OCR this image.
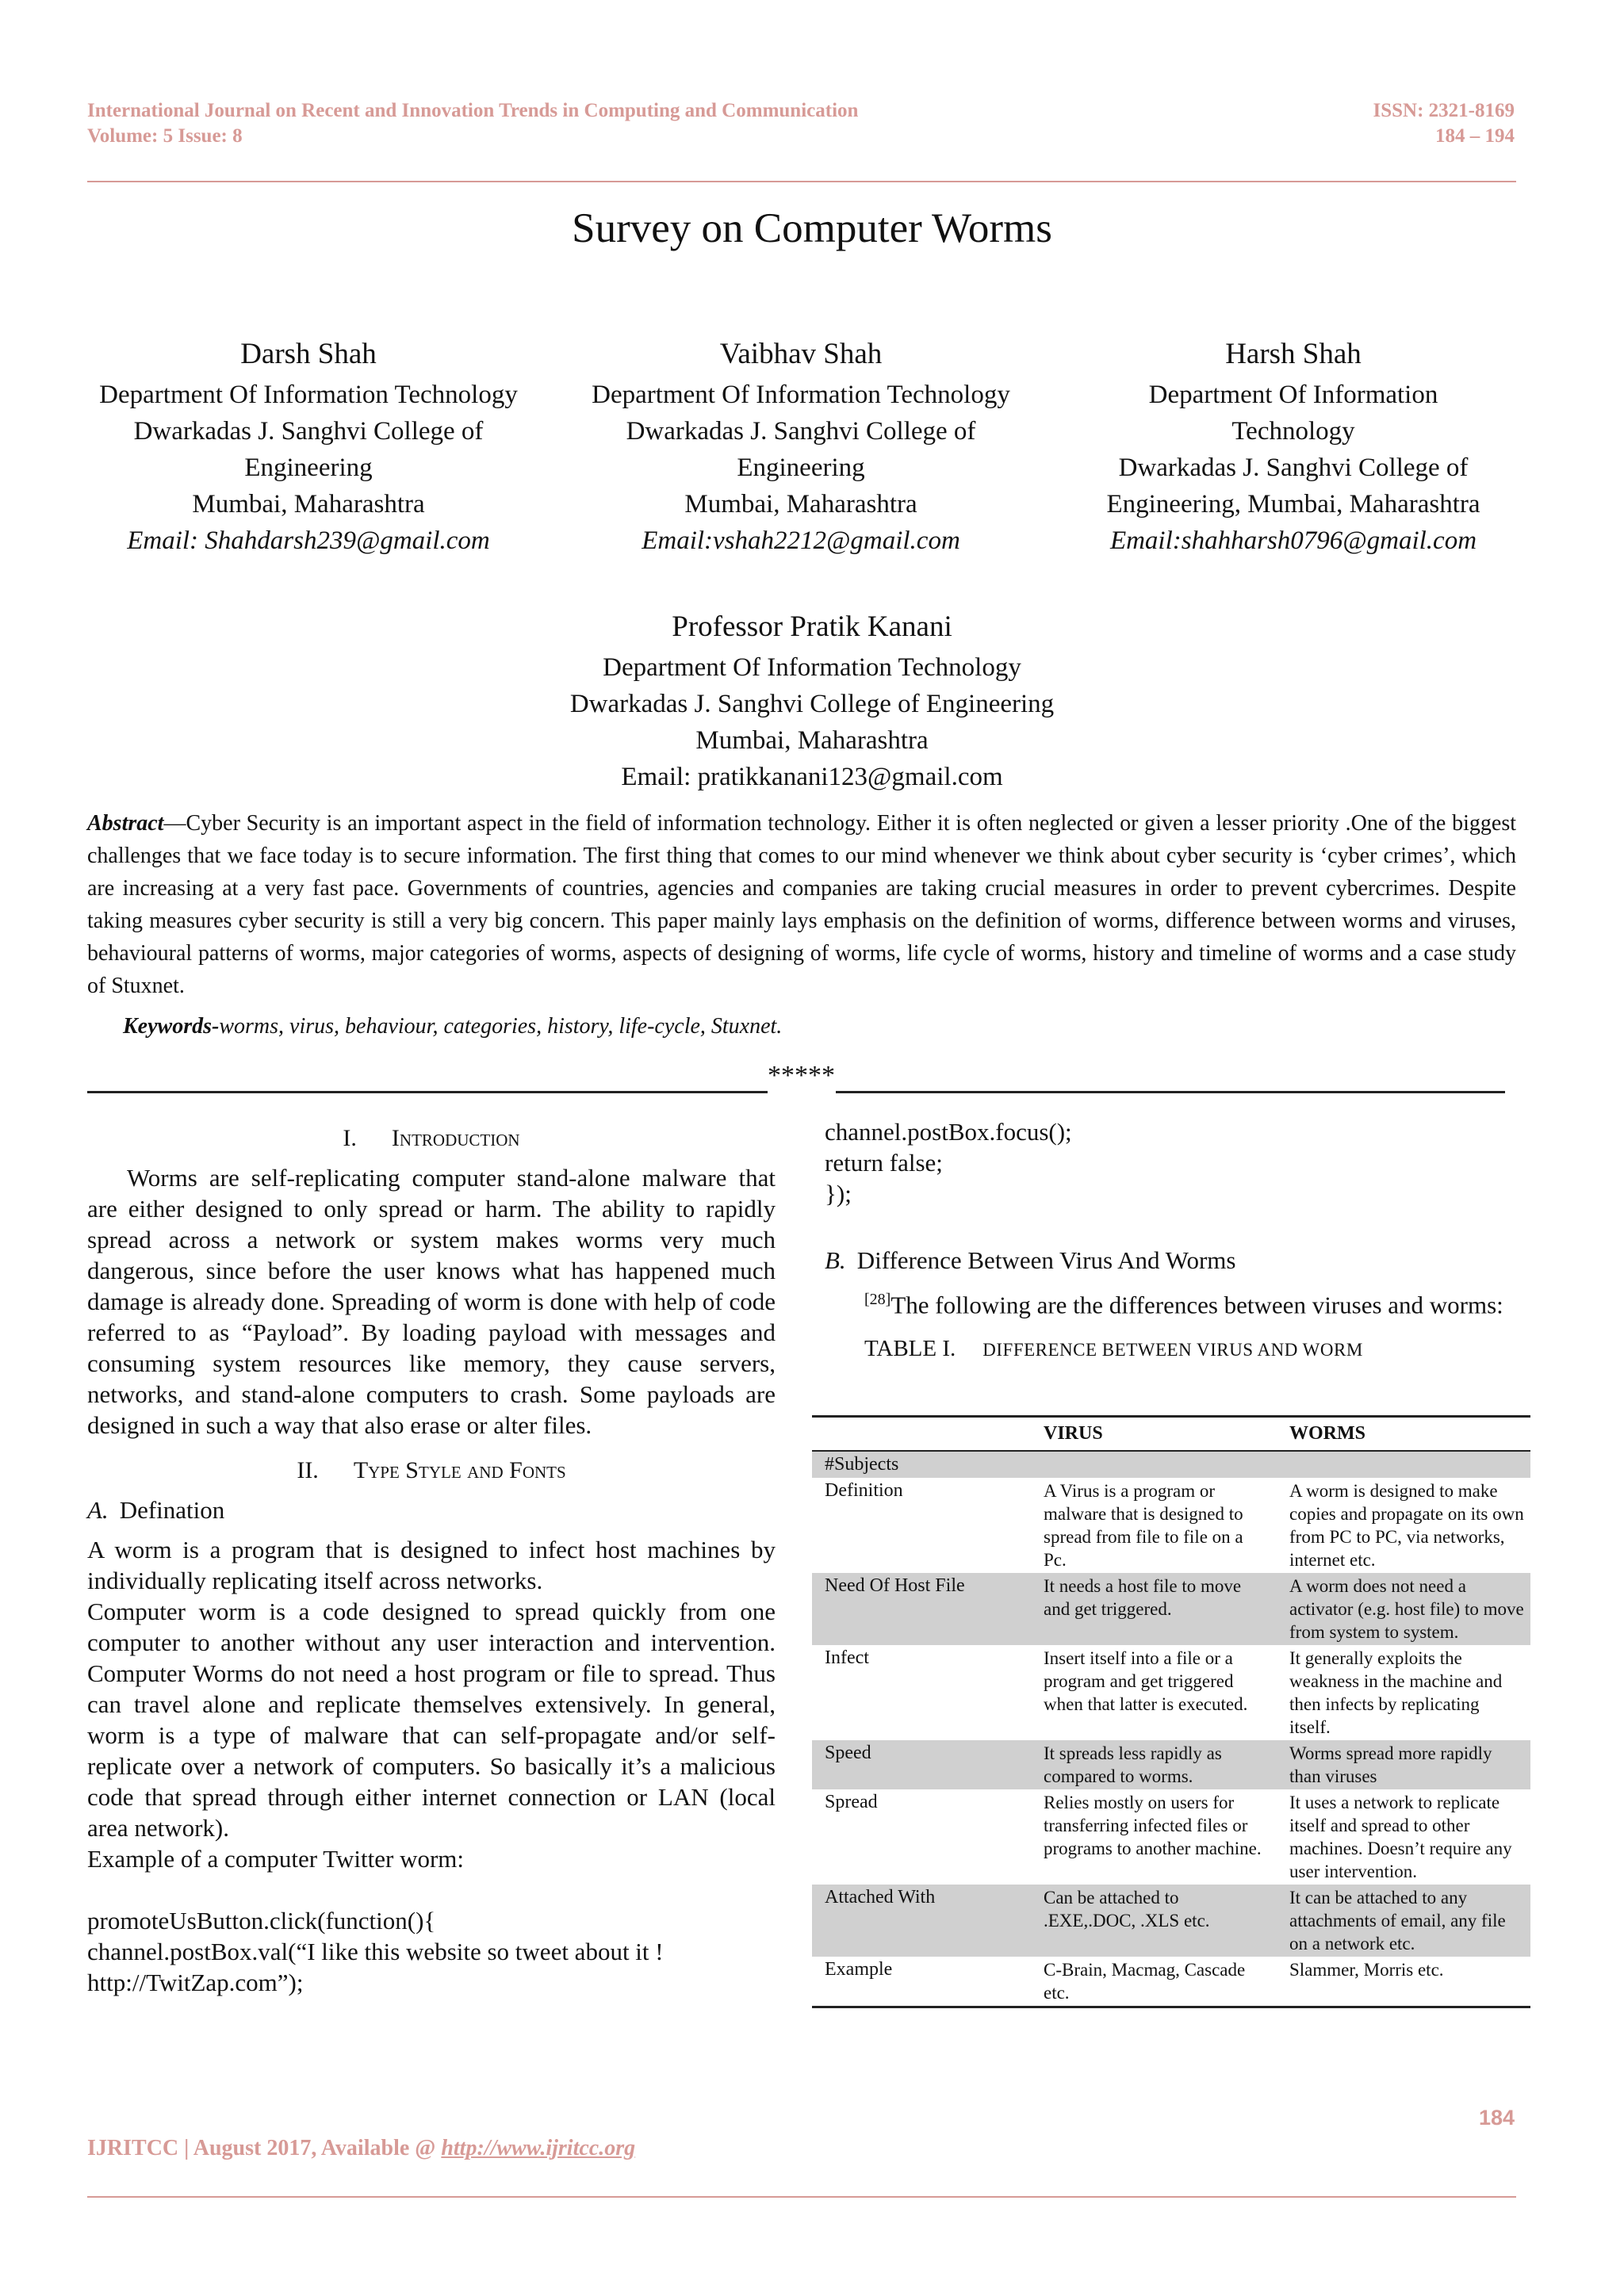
International Journal on Recent and Innovation Trends in Computing and Communication	ISSN: 2321-8169
Volume: 5 Issue: 8	184 – 194
Survey on Computer Worms
Darsh Shah
Department Of Information Technology
Dwarkadas J. Sanghvi College of
Engineering
Mumbai, Maharashtra
Email: Shahdarsh239@gmail.com
Vaibhav Shah
Department Of Information Technology
Dwarkadas J. Sanghvi College of
Engineering
Mumbai, Maharashtra
Email:vshah2212@gmail.com
Harsh Shah
Department Of Information
Technology
Dwarkadas J. Sanghvi College of
Engineering, Mumbai, Maharashtra
Email:shahharsh0796@gmail.com
Professor Pratik Kanani
Department Of Information Technology
Dwarkadas J. Sanghvi College of Engineering
Mumbai, Maharashtra
Email: pratikkanani123@gmail.com
Abstract—Cyber Security is an important aspect in the field of information technology. Either it is often neglected or given a lesser priority .One of the biggest challenges that we face today is to secure information. The first thing that comes to our mind whenever we think about cyber security is ‘cyber crimes’, which are increasing at a very fast pace. Governments of countries, agencies and companies are taking crucial measures in order to prevent cybercrimes. Despite taking measures cyber security is still a very big concern. This paper mainly lays emphasis on the definition of worms, difference between worms and viruses, behavioural patterns of worms, major categories of worms, aspects of designing of worms, life cycle of worms, history and timeline of worms and a case study of Stuxnet.
Keywords-worms, virus, behaviour, categories, history, life-cycle, Stuxnet.
*****
I. Introduction

Worms are self-replicating computer stand-alone malware that are either designed to only spread or harm. The ability to rapidly spread across a network or system makes worms very much dangerous, since before the user knows what has happened much damage is already done. Spreading of worm is done with help of code referred to as “Payload”. By loading payload with messages and consuming system resources like memory, they cause servers, networks, and stand-alone computers to crash. Some payloads are designed in such a way that also erase or alter files.

II. Type Style and Fonts
A. Defination

A worm is a program that is designed to infect host machines by individually replicating itself across networks.

Computer worm is a code designed to spread quickly from one computer to another without any user interaction and intervention. Computer Worms do not need a host program or file to spread. Thus can travel alone and replicate themselves extensively. In general, worm is a type of malware that can self-propagate and/or self-replicate over a network of computers. So basically it’s a malicious code that spread through either internet connection or LAN (local area network).

Example of a computer Twitter worm:

promoteUsButton.click(function(){

channel.postBox.val(“I like this website so tweet about it !

http://TwitZap.com”);

channel.postBox.focus();

return false;

});

B. Difference Between Virus And Worms

[28]The following are the differences between viruses and worms:

TABLE I. DIFFERENCE BETWEEN VIRUS AND WORM
	VIRUS	WORMS
#Subjects		
Definition	A Virus is a program or malware that is designed to spread from file to file on a Pc.	A worm is designed to make copies and propagate on its own from PC to PC, via networks, internet etc.
Need Of Host File	It needs a host file to move and get triggered.	A worm does not need a activator (e.g. host file) to move from system to system.
Infect	Insert itself into a file or a program and get triggered when that latter is executed.	It generally exploits the weakness in the machine and then infects by replicating itself.
Speed	It spreads less rapidly as compared to worms.	Worms spread more rapidly than viruses
Spread	Relies mostly on users for transferring infected files or programs to another machine.	It uses a network to replicate itself and spread to other machines. Doesn’t require any user intervention.
Attached With	Can be attached to .EXE,.DOC, .XLS etc.	It can be attached to any attachments of email, any file on a network etc.
Example	C-Brain, Macmag, Cascade etc.	Slammer, Morris etc.
184
IJRITCC | August 2017, Available @ http://www.ijritcc.org
